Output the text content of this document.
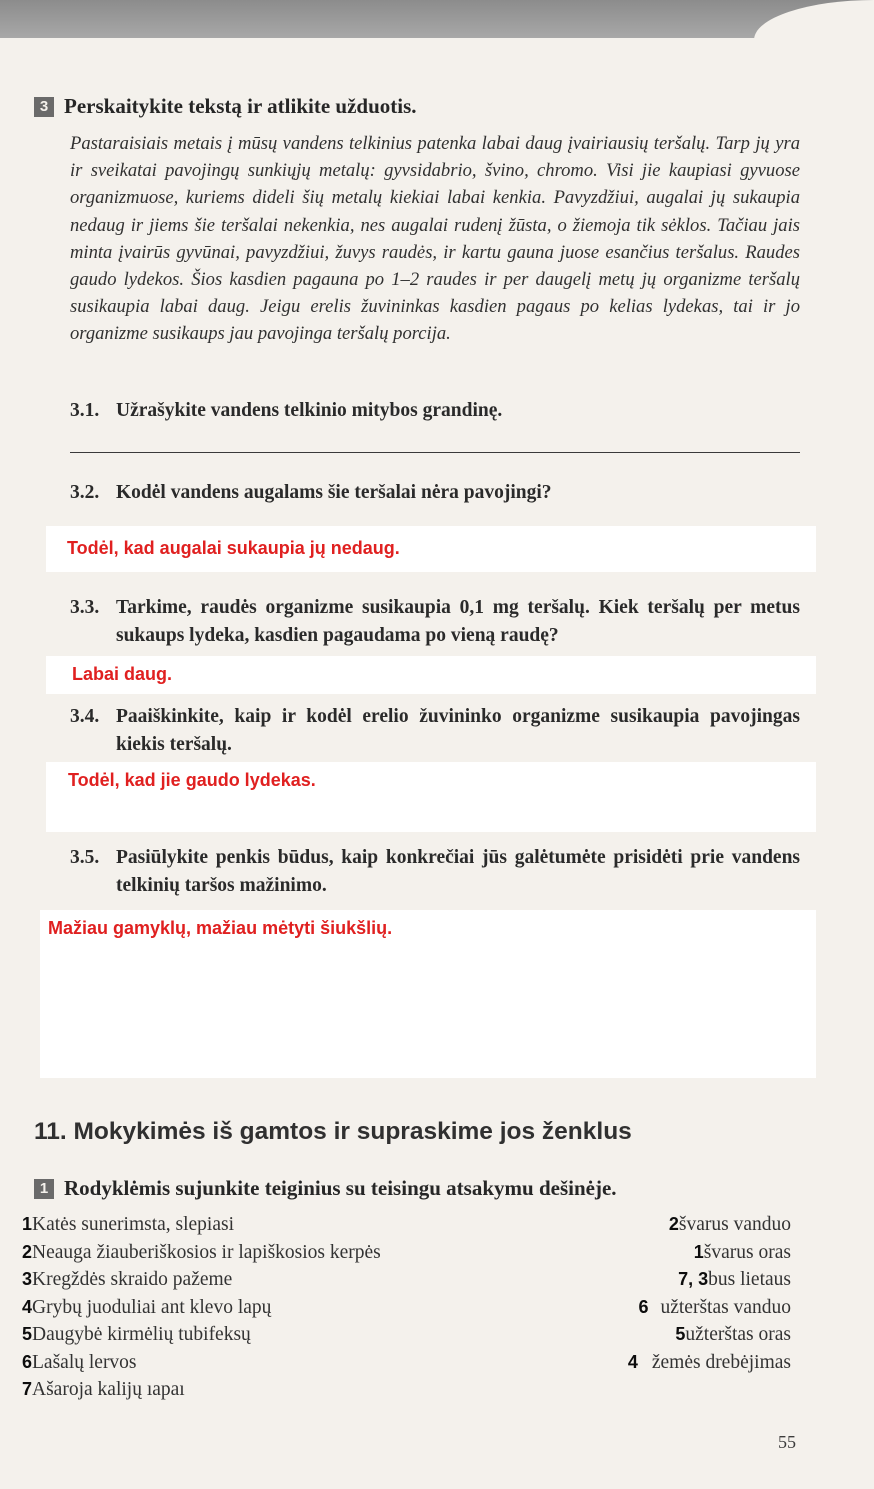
3 Perskaitykite tekstą ir atlikite užduotis.
Pastaraisiais metais į mūsų vandens telkinius patenka labai daug įvairiausių teršalų. Tarp jų yra ir sveikatai pavojingų sunkiųjų metalų: gyvsidabrio, švino, chromo. Visi jie kaupiasi gyvuose organizmuose, kuriems dideli šių metalų kiekiai labai kenkia. Pavyzdžiui, augalai jų sukaupia nedaug ir jiems šie teršalai nekenkia, nes augalai rudenį žūsta, o žiemoja tik sėklos. Tačiau jais minta įvairūs gyvūnai, pavyzdžiui, žuvys raudės, ir kartu gauna juose esančius teršalus. Raudes gaudo lydekos. Šios kasdien pagauna po 1–2 raudes ir per daugelį metų jų organizme teršalų susikaupia labai daug. Jeigu erelis žuvininkas kasdien pagaus po kelias lydekas, tai ir jo organizme susikaups jau pavojinga teršalų porcija.
3.1. Užrašykite vandens telkinio mitybos grandinę.
3.2. Kodėl vandens augalams šie teršalai nėra pavojingi?
Todėl, kad augalai sukaupia jų nedaug.
3.3. Tarkime, raudės organizme susikaupia 0,1 mg teršalų. Kiek teršalų per metus sukaups lydeka, kasdien pagaudama po vieną raudę?
Labai daug.
3.4. Paaiškinkite, kaip ir kodėl erelio žuvininko organizme susikaupia pavojingas kiekis teršalų.
Todėl, kad jie gaudo lydekas.
3.5. Pasiūlykite penkis būdus, kaip konkrečiai jūs galėtumėte prisidėti prie vandens telkinių taršos mažinimo.
Mažiau gamyklų, mažiau mėtyti šiukšlių.
11. Mokykimės iš gamtos ir supraskime jos ženklus
1 Rodyklėmis sujunkite teiginius su teisingu atsakymu dešinėje.
1Katės sunerimsta, slepiasi
2Neauga žiauberiškosios ir lapiškosios kerpės
3Kregždės skraido pažeme
4Grybų juoduliai ant klevo lapų
5Daugybė kirmėlių tubifeksų
6Lašalų lervos
7Ašaroja kalijų ıapaı
2švarus vanduo
1švarus oras
7, 3bus lietaus
6 užterštas vanduo
5užterštas oras
4 žemės drebėjimas
55
